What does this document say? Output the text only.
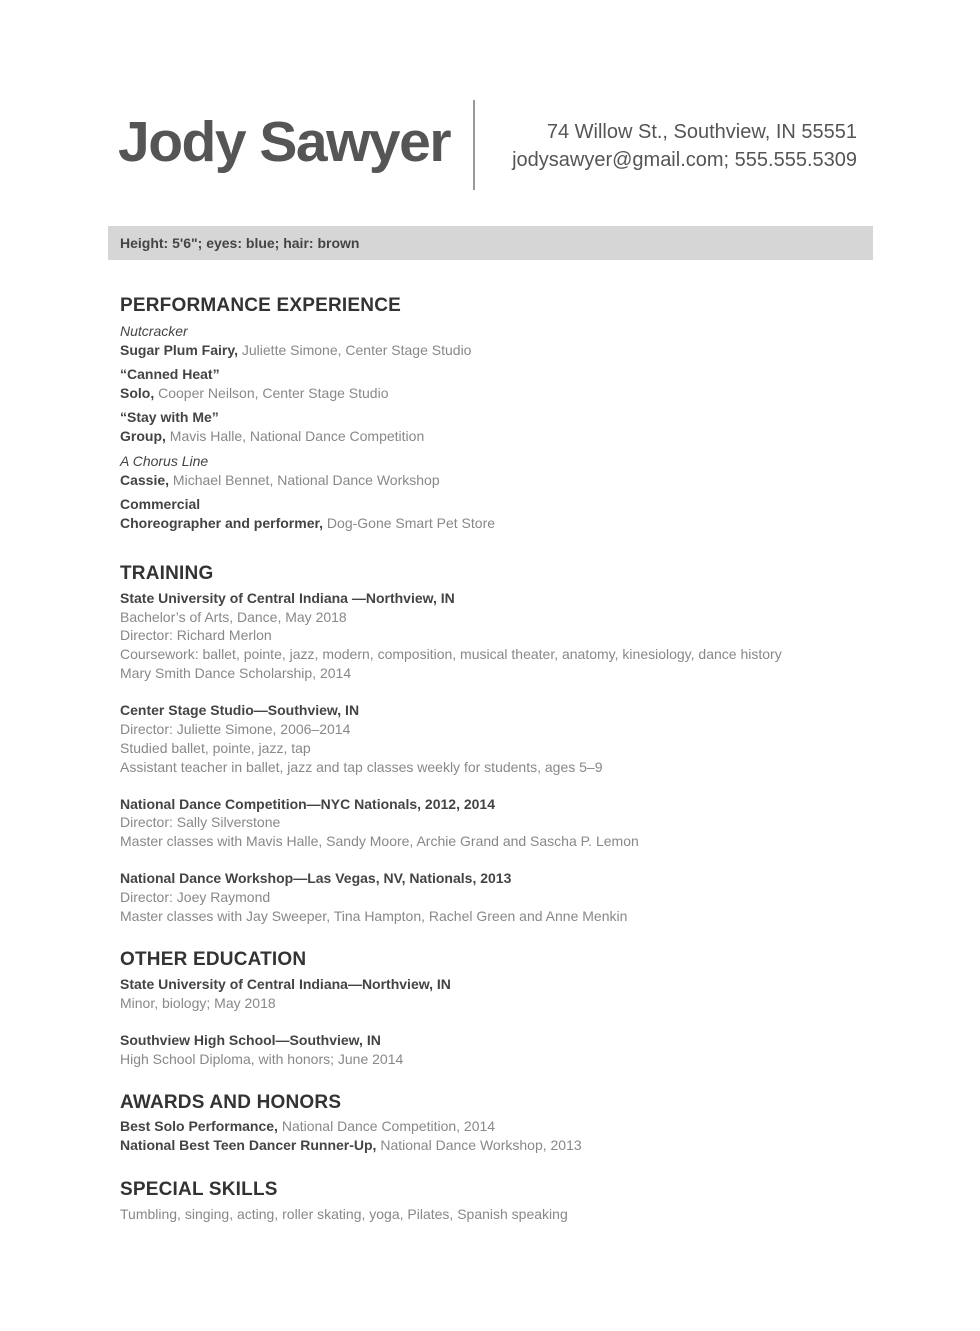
Jody Sawyer	74 Willow St., Southview, IN 55551
jodysawyer@gmail.com; 555.555.5309
Height: 5'6"; eyes: blue; hair: brown
PERFORMANCE EXPERIENCE
Nutcracker
Sugar Plum Fairy, Juliette Simone, Center Stage Studio
“Canned Heat”
Solo, Cooper Neilson, Center Stage Studio
“Stay with Me”
Group, Mavis Halle, National Dance Competition
A Chorus Line
Cassie, Michael Bennet, National Dance Workshop
Commercial
Choreographer and performer, Dog-Gone Smart Pet Store
TRAINING
State University of Central Indiana —Northview, IN
Bachelor’s of Arts, Dance, May 2018
Director: Richard Merlon
Coursework: ballet, pointe, jazz, modern, composition, musical theater, anatomy, kinesiology, dance history
Mary Smith Dance Scholarship, 2014
Center Stage Studio—Southview, IN
Director: Juliette Simone, 2006–2014
Studied ballet, pointe, jazz, tap
Assistant teacher in ballet, jazz and tap classes weekly for students, ages 5–9
National Dance Competition—NYC Nationals, 2012, 2014
Director: Sally Silverstone
Master classes with Mavis Halle, Sandy Moore, Archie Grand and Sascha P. Lemon
National Dance Workshop—Las Vegas, NV, Nationals, 2013
Director: Joey Raymond
Master classes with Jay Sweeper, Tina Hampton, Rachel Green and Anne Menkin
OTHER EDUCATION
State University of Central Indiana—Northview, IN
Minor, biology; May 2018
Southview High School—Southview, IN
High School Diploma, with honors; June 2014
AWARDS AND HONORS
Best Solo Performance, National Dance Competition, 2014
National Best Teen Dancer Runner-Up, National Dance Workshop, 2013
SPECIAL SKILLS
Tumbling, singing, acting, roller skating, yoga, Pilates, Spanish speaking
